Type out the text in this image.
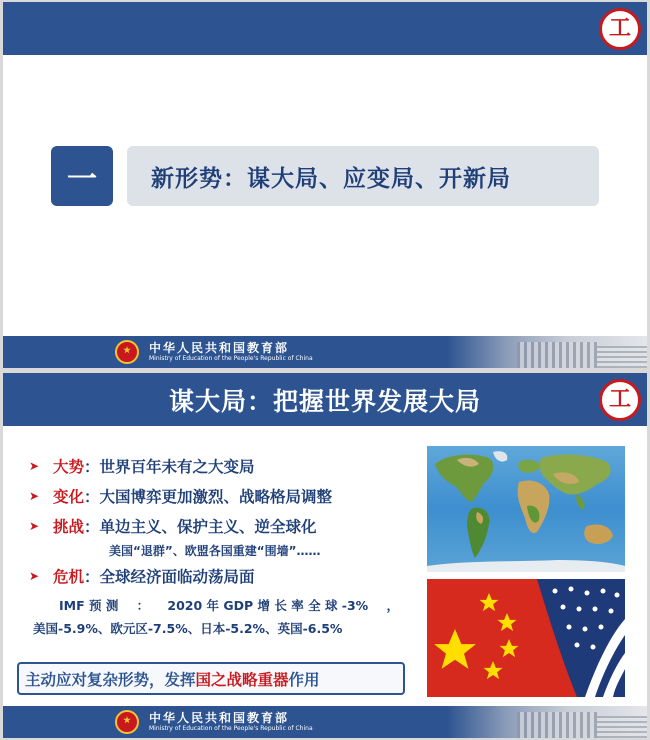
工
一 新形势：谋大局、应变局、开新局
中华人民共和国教育部
Ministry of Education of the People's Republic of China
谋大局：把握世界发展大局	工
➤ 大势 ： 世界百年未有之大变局
➤ 变化 ： 大国博弈更加激烈、战略格局调整
➤ 挑战 ： 单边主义、保护主义、逆全球化
美国“退群”、欧盟各国重建“围墙”……
➤ 危机 ： 全球经济面临动荡局面
IMF 预 测 ： 2020 年 GDP 增 长 率 全 球 -3% ，
美国-5.9%、欧元区-7.5%、日本-5.2%、英国-6.5%
主动应对复杂形势，发挥 国之战略重器 作用
中华人民共和国教育部
Ministry of Education of the People's Republic of China
